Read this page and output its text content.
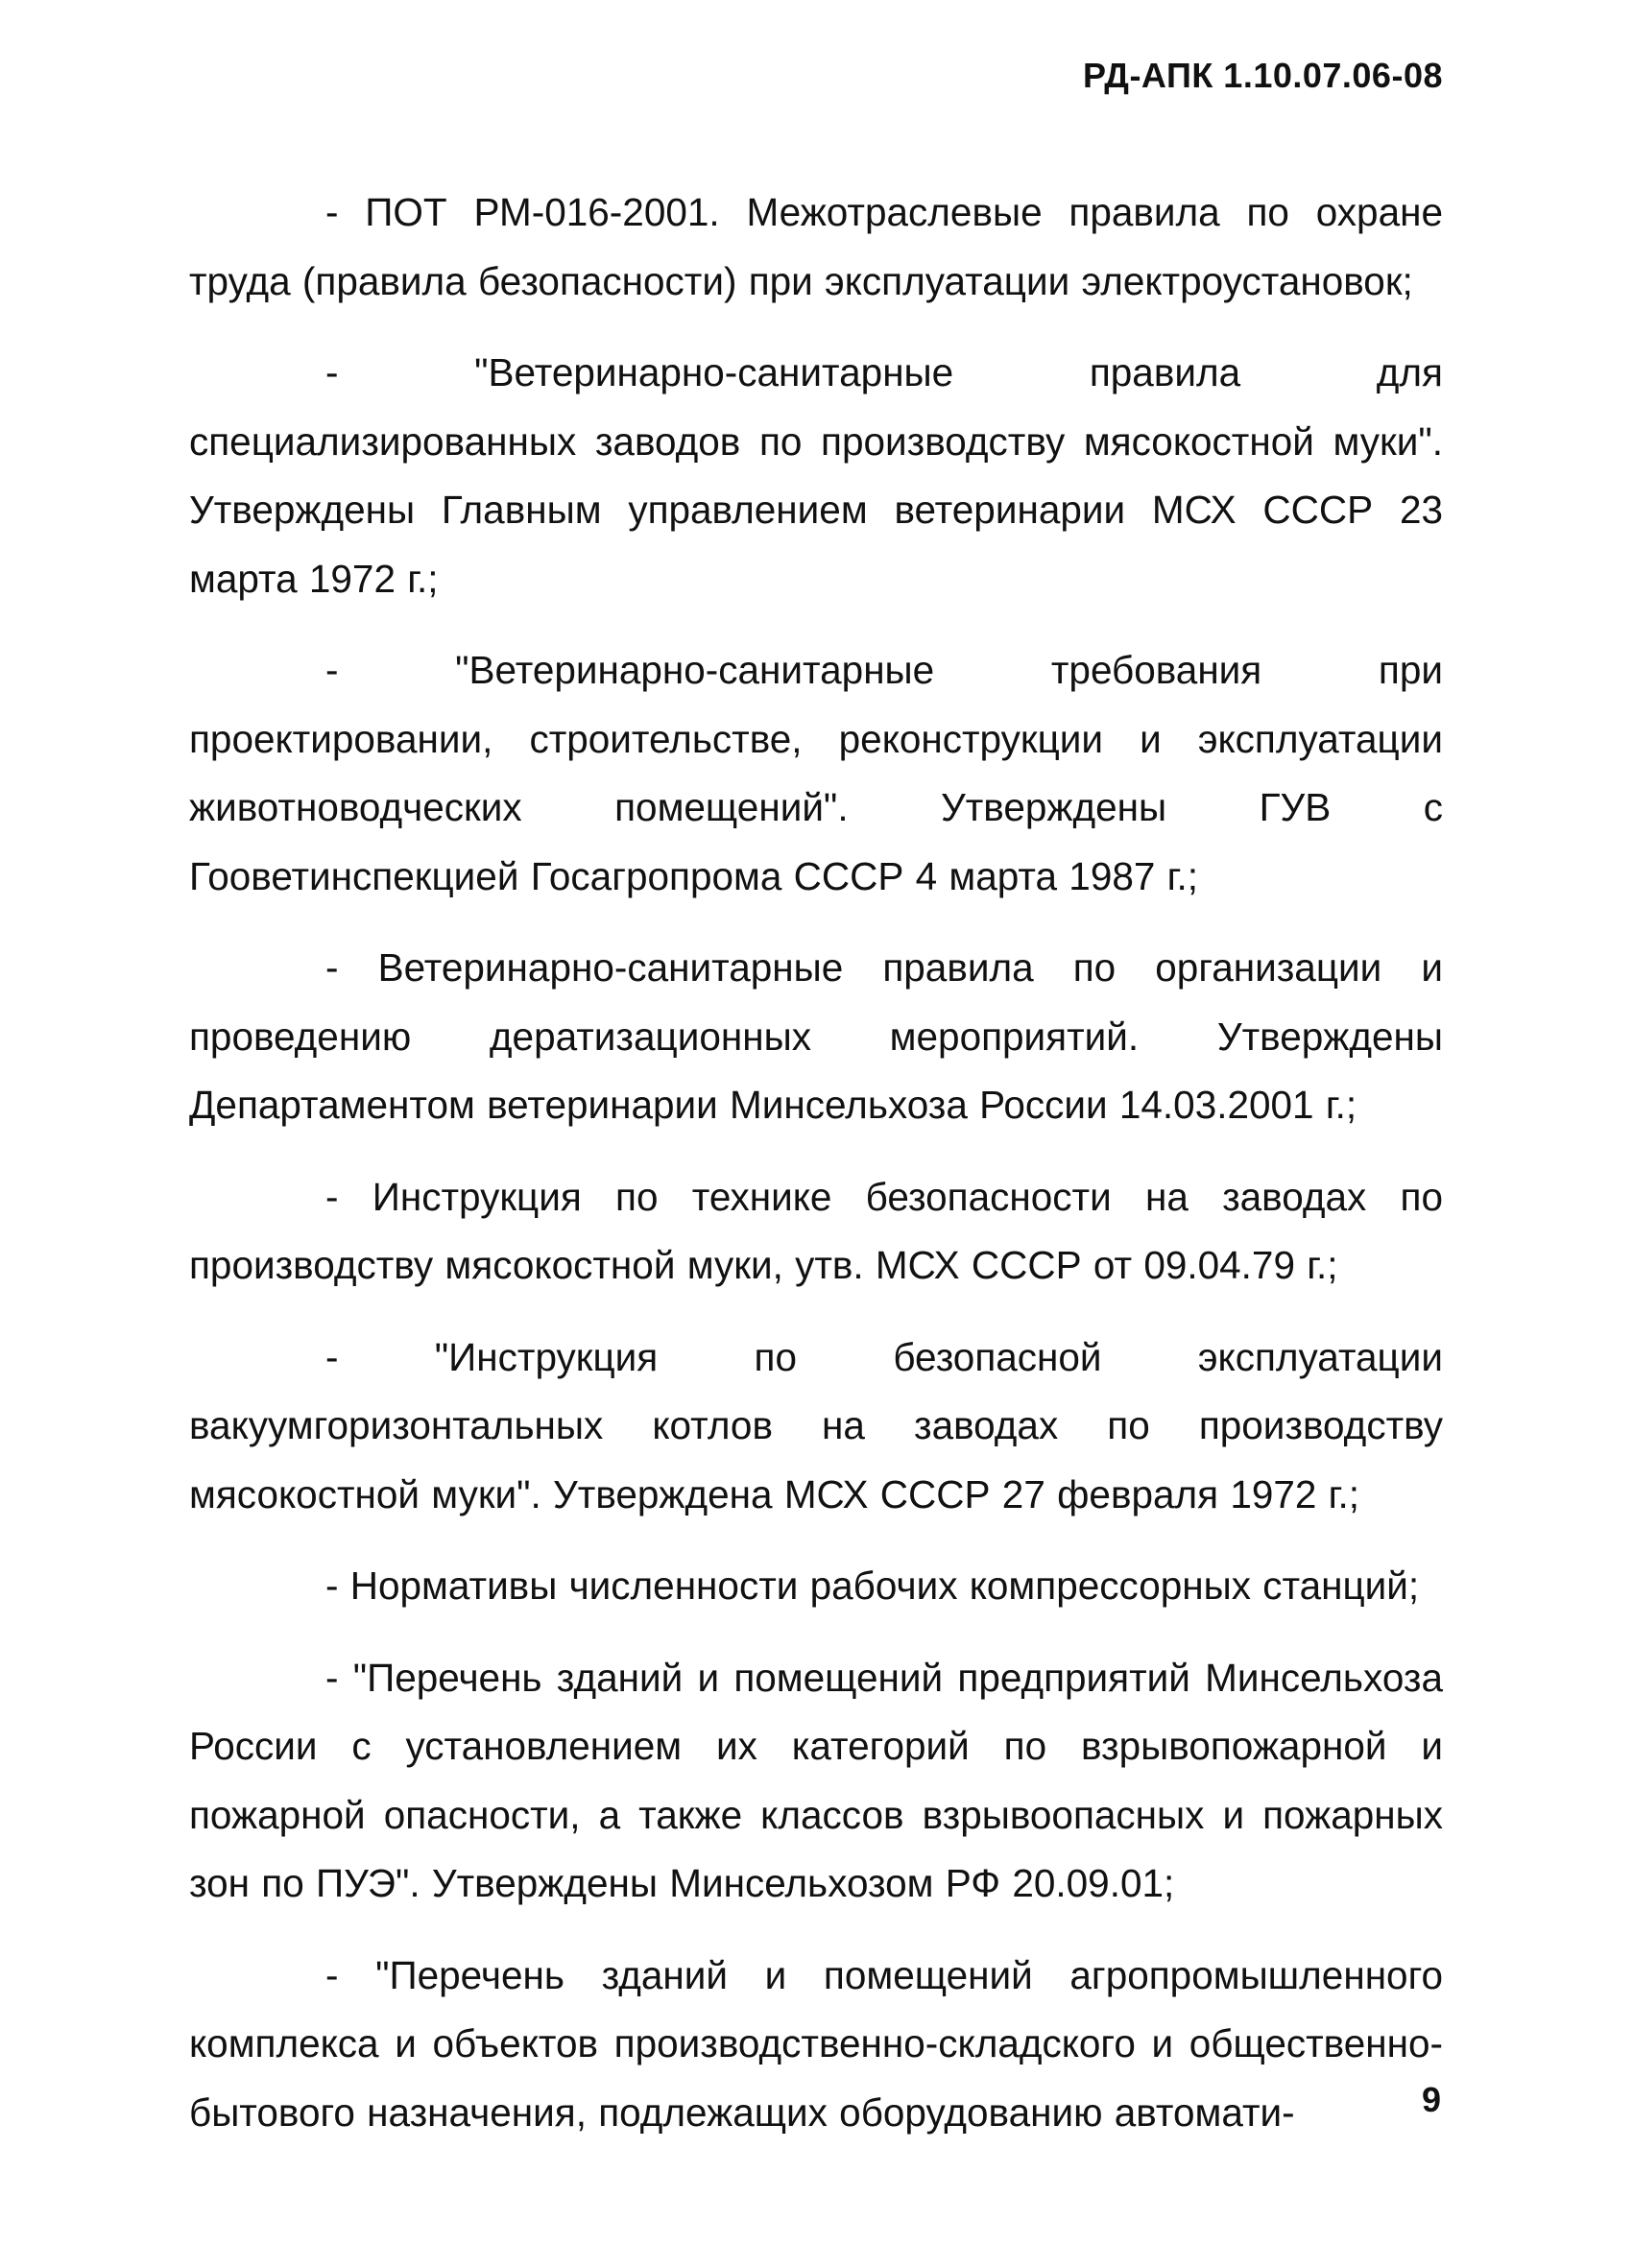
РД-АПК 1.10.07.06-08

- ПОТ РМ-016-2001. Межотраслевые правила по охране труда (правила безопасности) при эксплуатации электроустановок;

- "Ветеринарно-санитарные правила для специализированных заводов по производству мясокостной муки". Утверждены Главным управлением ветеринарии МСХ СССР 23 марта 1972 г.;

- "Ветеринарно-санитарные требования при проектировании, строительстве, реконструкции и эксплуатации животноводческих помещений". Утверждены ГУВ с Гооветинспекцией Госагропрома СССР 4 марта 1987 г.;

- Ветеринарно-санитарные правила по организации и проведению дератизационных мероприятий. Утверждены Департаментом ветеринарии Минсельхоза России 14.03.2001 г.;

- Инструкция по технике безопасности на заводах по производству мясокостной муки, утв. МСХ СССР от 09.04.79 г.;

- "Инструкция по безопасной эксплуатации вакуумгоризонтальных котлов на заводах по производству мясокостной муки". Утверждена МСХ СССР 27 февраля 1972 г.;

- Нормативы численности рабочих компрессорных станций;

- "Перечень зданий и помещений предприятий Минсельхоза России с установлением их категорий по взрывопожарной и пожарной опасности, а также классов взрывоопасных и пожарных зон по ПУЭ". Утверждены Минсельхозом РФ 20.09.01;

- "Перечень зданий и помещений агропромышленного комплекса и объектов производственно-складского и общественно-бытового назначения, подлежащих оборудованию автомати-	9
